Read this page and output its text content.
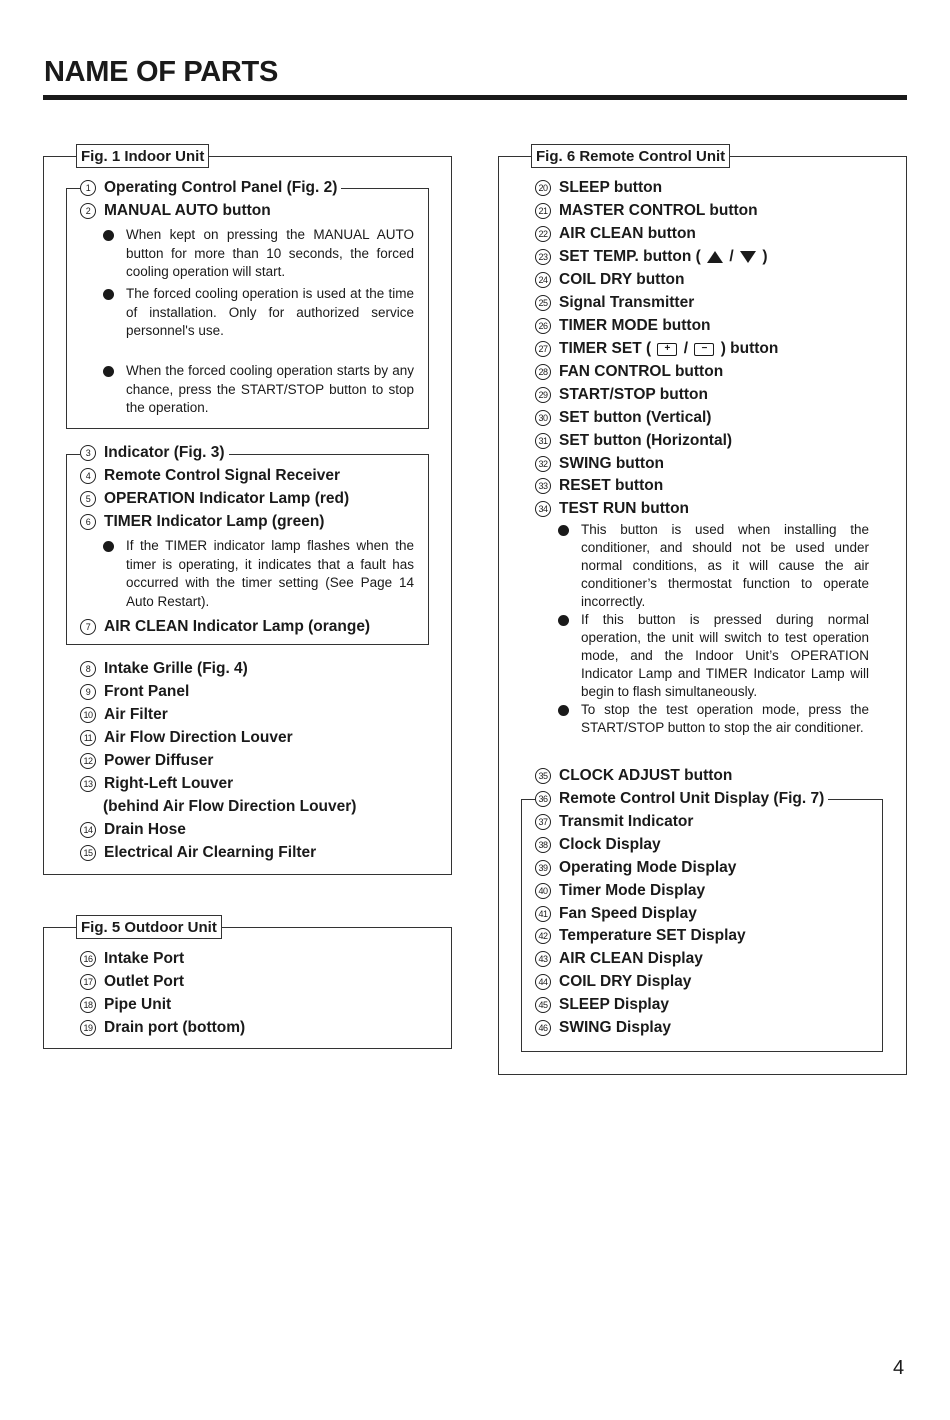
NAME OF PARTS
Fig. 1 Indoor Unit
1 Operating Control Panel (Fig. 2)
2 MANUAL AUTO button
When kept on pressing the MANUAL AUTO button for more than 10 seconds, the forced cooling operation will start.
The forced cooling operation is used at the time of installation. Only for authorized service personnel's use.
When the forced cooling operation starts by any chance, press the START/STOP button to stop the operation.
3 Indicator (Fig. 3)
4 Remote Control Signal Receiver
5 OPERATION Indicator Lamp (red)
6 TIMER Indicator Lamp (green)
If the TIMER indicator lamp flashes when the timer is operating, it indicates that a fault has occurred with the timer setting (See Page 14 Auto Restart).
7 AIR CLEAN Indicator Lamp (orange)
8 Intake Grille (Fig. 4)
9 Front Panel
10 Air Filter
11 Air Flow Direction Louver
12 Power Diffuser
13 Right-Left Louver
(behind Air Flow Direction Louver)
14 Drain Hose
15 Electrical Air Clearning Filter
Fig. 5 Outdoor Unit
16 Intake Port
17 Outlet Port
18 Pipe Unit
19 Drain port (bottom)
Fig. 6 Remote Control Unit
20 SLEEP button
21 MASTER CONTROL button
22 AIR CLEAN button
23 SET TEMP. button (

/

)
24 COIL DRY button
25 Signal Transmitter
26 TIMER MODE button
27 TIMER SET (
	+
/
	−
) button
28 FAN CONTROL button
29 START/STOP button
30 SET button (Vertical)
31 SET button (Horizontal)
32 SWING button
33 RESET button
34 TEST RUN button
This button is used when installing the conditioner, and should not be used under normal conditions, as it will cause the air conditioner’s thermostat function to operate incorrectly.
If this button is pressed during normal operation, the unit will switch to test operation mode, and the Indoor Unit’s OPERATION Indicator Lamp and TIMER Indicator Lamp will begin to flash simultaneously.
To stop the test operation mode, press the START/STOP button to stop the air conditioner.
35 CLOCK ADJUST button
36 Remote Control Unit Display (Fig. 7)
37 Transmit Indicator
38 Clock Display
39 Operating Mode Display
40 Timer Mode Display
41 Fan Speed Display
42 Temperature SET Display
43 AIR CLEAN Display
44 COIL DRY Display
45 SLEEP Display
46 SWING Display
4
